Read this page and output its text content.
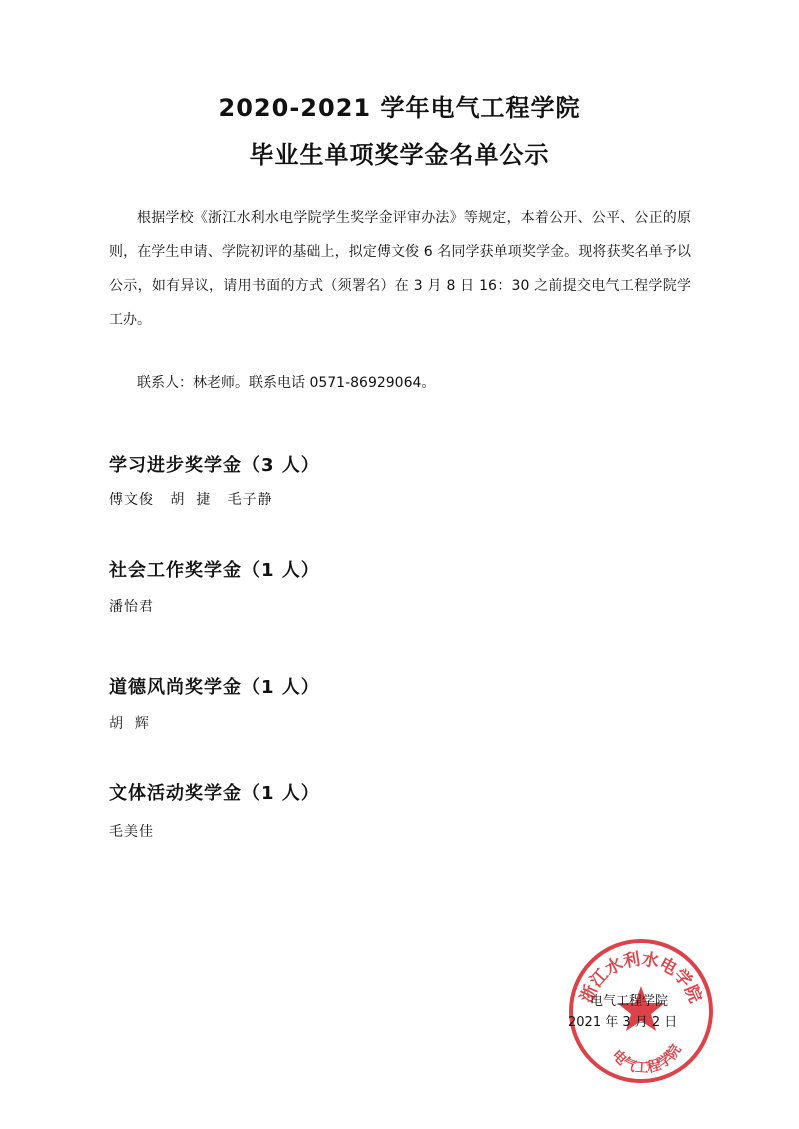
2020-2021 学年电气工程学院
毕业生单项奖学金名单公示

根据学校《浙江水利水电学院学生奖学金评审办法》等规定，本着公开、公平、公正的原则，在学生申请、学院初评的基础上，拟定傅文俊 6 名同学获单项奖学金。现将获奖名单予以公示，如有异议，请用书面的方式（须署名）在 3 月 8 日 16：30 之前提交电气工程学院学工办。

联系人：林老师。联系电话 0571-86929064。

学习进步奖学金（3 人）

傅文俊   胡  捷   毛子静

社会工作奖学金（1 人）

潘怡君

道德风尚奖学金（1 人）

胡  辉

文体活动奖学金（1 人）

毛美佳

浙江水利水电学院
电气工程学院

电气工程学院

2021 年 3 月 2 日
